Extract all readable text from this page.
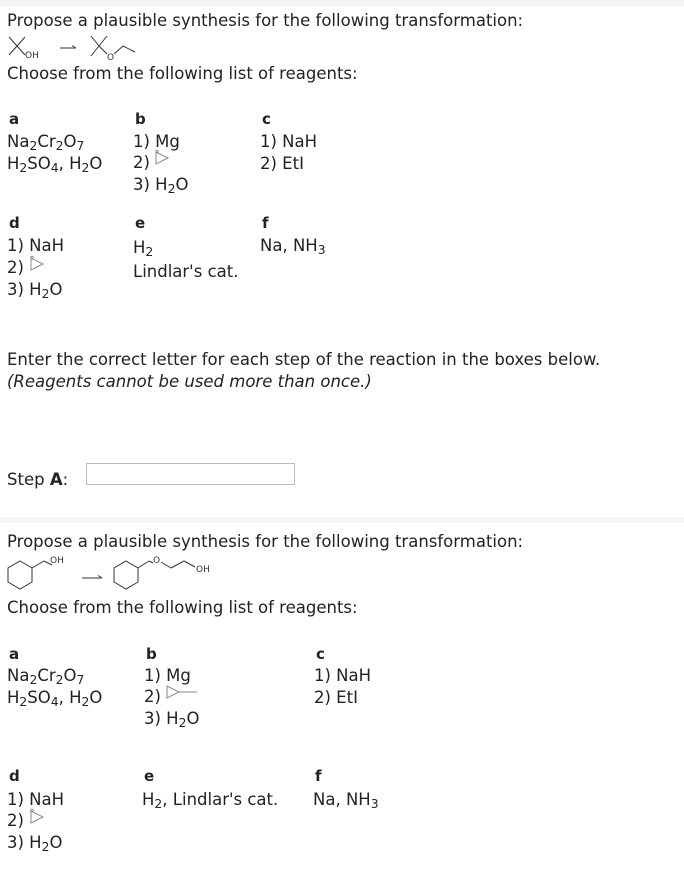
Propose a plausible synthesis for the following transformation:
OH	O
Choose from the following list of reagents:
a
$Na_2Cr_2O_7$
$H_2SO_4$, $H_2O$
b
1) Mg
2)
3) $H_2O$
c
1) NaH
2) EtI
d
1) NaH
2)
3) $H_2O$
e
$H_2$
Lindlar's cat.
f
Na, $NH_3$
Enter the correct letter for each step of the reaction in the boxes below.
(Reagents cannot be used more than once.)
Step A:
Propose a plausible synthesis for the following transformation:
OH	O
OH
Choose from the following list of reagents:
a
$Na_2Cr_2O_7$
$H_2SO_4$, $H_2O$
b
1) Mg
2)
3) $H_2O$
c
1) NaH
2) EtI
d
1) NaH
2)
3) $H_2O$
e
$H_2$, Lindlar's cat.
f
Na, $NH_3$
